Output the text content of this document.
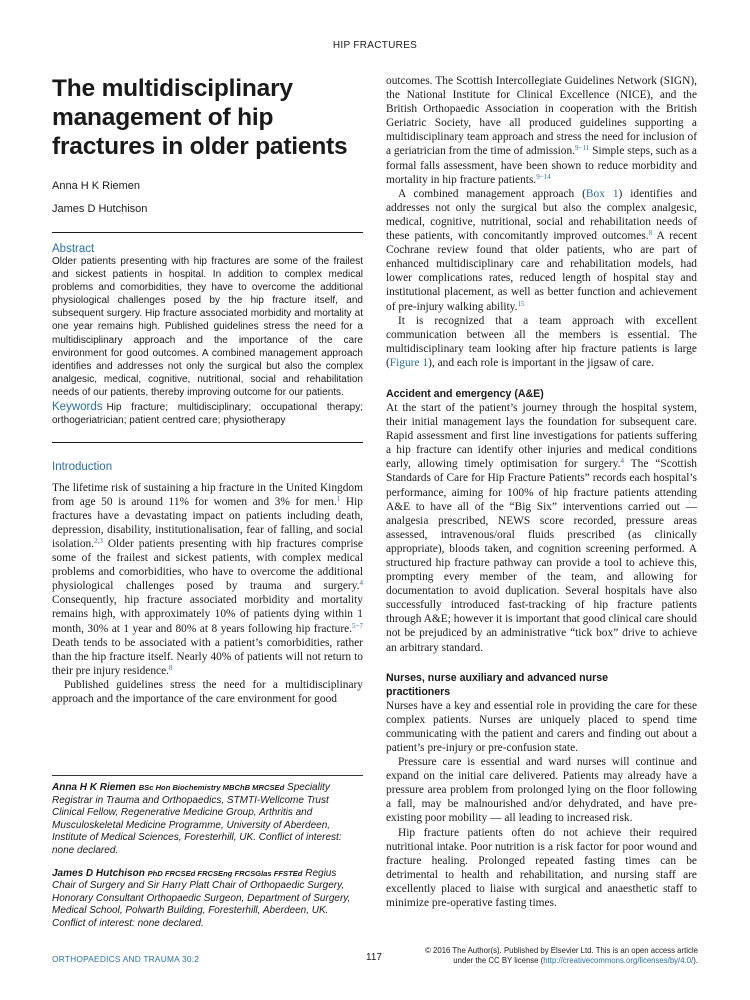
HIP FRACTURES
The multidisciplinary
management of hip
fractures in older patients

Anna H K Riemen

James D Hutchison

Abstract

Older patients presenting with hip fractures are some of the frailest and sickest patients in hospital. In addition to complex medical problems and comorbidities, they have to overcome the additional physiological challenges posed by the hip fracture itself, and subsequent surgery. Hip fracture associated morbidity and mortality at one year remains high. Published guidelines stress the need for a multidisciplinary approach and the importance of the care environment for good outcomes. A combined management approach identifies and addresses not only the surgical but also the complex analgesic, medical, cognitive, nutritional, social and rehabilitation needs of our patients, thereby improving outcome for our patients.

Keywords Hip fracture; multidisciplinary; occupational therapy; orthogeriatrician; patient centred care; physiotherapy

Introduction

The lifetime risk of sustaining a hip fracture in the United Kingdom from age 50 is around 11% for women and 3% for men.$^1$ Hip fractures have a devastating impact on patients including death, depression, disability, institutionalisation, fear of falling, and social isolation.$^{2,3}$ Older patients presenting with hip fractures comprise some of the frailest and sickest patients, with complex medical problems and comorbidities, who have to overcome the additional physiological challenges posed by trauma and surgery.$^4$ Consequently, hip fracture associated morbidity and mortality remains high, with approximately 10% of patients dying within 1 month, 30% at 1 year and 80% at 8 years following hip fracture.$^{5-7}$ Death tends to be associated with a patient’s comorbidities, rather than the hip fracture itself. Nearly 40% of patients will not return to their pre injury residence.$^8$

Published guidelines stress the need for a multidisciplinary approach and the importance of the care environment for good

Anna H K Riemen BSc Hon Biochemistry MBChB MRCSEd Speciality Registrar in Trauma and Orthopaedics, STMTI-Wellcome Trust Clinical Fellow, Regenerative Medicine Group, Arthritis and Musculoskeletal Medicine Programme, University of Aberdeen, Institute of Medical Sciences, Foresterhill, UK. Conflict of interest: none declared.

James D Hutchison PhD FRCSEd FRCSEng FRCSGlas FFSTEd Regius Chair of Surgery and Sir Harry Platt Chair of Orthopaedic Surgery, Honorary Consultant Orthopaedic Surgeon, Department of Surgery, Medical School, Polwarth Building, Foresterhill, Aberdeen, UK. Conflict of interest: none declared.

outcomes. The Scottish Intercollegiate Guidelines Network (SIGN), the National Institute for Clinical Excellence (NICE), and the British Orthopaedic Association in cooperation with the British Geriatric Society, have all produced guidelines supporting a multidisciplinary team approach and stress the need for inclusion of a geriatrician from the time of admission.$^{9-11}$ Simple steps, such as a formal falls assessment, have been shown to reduce morbidity and mortality in hip fracture patients.$^{9-14}$

A combined management approach (Box 1) identifies and addresses not only the surgical but also the complex analgesic, medical, cognitive, nutritional, social and rehabilitation needs of these patients, with concomitantly improved outcomes.$^8$ A recent Cochrane review found that older patients, who are part of enhanced multidisciplinary care and rehabilitation models, had lower complications rates, reduced length of hospital stay and institutional placement, as well as better function and achievement of pre-injury walking ability.$^{15}$

It is recognized that a team approach with excellent communication between all the members is essential. The multidisciplinary team looking after hip fracture patients is large (Figure 1), and each role is important in the jigsaw of care.

Accident and emergency (A&E)

At the start of the patient’s journey through the hospital system, their initial management lays the foundation for subsequent care. Rapid assessment and first line investigations for patients suffering a hip fracture can identify other injuries and medical conditions early, allowing timely optimisation for surgery.$^4$ The “Scottish Standards of Care for Hip Fracture Patients” records each hospital’s performance, aiming for 100% of hip fracture patients attending A&E to have all of the “Big Six” interventions carried out — analgesia prescribed, NEWS score recorded, pressure areas assessed, intravenous/oral fluids prescribed (as clinically appropriate), bloods taken, and cognition screening performed. A structured hip fracture pathway can provide a tool to achieve this, prompting every member of the team, and allowing for documentation to avoid duplication. Several hospitals have also successfully introduced fast-tracking of hip fracture patients through A&E; however it is important that good clinical care should not be prejudiced by an administrative “tick box” drive to achieve an arbitrary standard.

Nurses, nurse auxiliary and advanced nurse
practitioners

Nurses have a key and essential role in providing the care for these complex patients. Nurses are uniquely placed to spend time communicating with the patient and carers and finding out about a patient’s pre-injury or pre-confusion state.

Pressure care is essential and ward nurses will continue and expand on the initial care delivered. Patients may already have a pressure area problem from prolonged lying on the floor following a fall, may be malnourished and/or dehydrated, and have pre-existing poor mobility — all leading to increased risk.

Hip fracture patients often do not achieve their required nutritional intake. Poor nutrition is a risk factor for poor wound and fracture healing. Prolonged repeated fasting times can be detrimental to health and rehabilitation, and nursing staff are excellently placed to liaise with surgical and anaesthetic staff to minimize pre-operative fasting times.

ORTHOPAEDICS AND TRAUMA 30:2	117
© 2016 The Author(s). Published by Elsevier Ltd. This is an open access article
under the CC BY license (http://creativecommons.org/licenses/by/4.0/).
